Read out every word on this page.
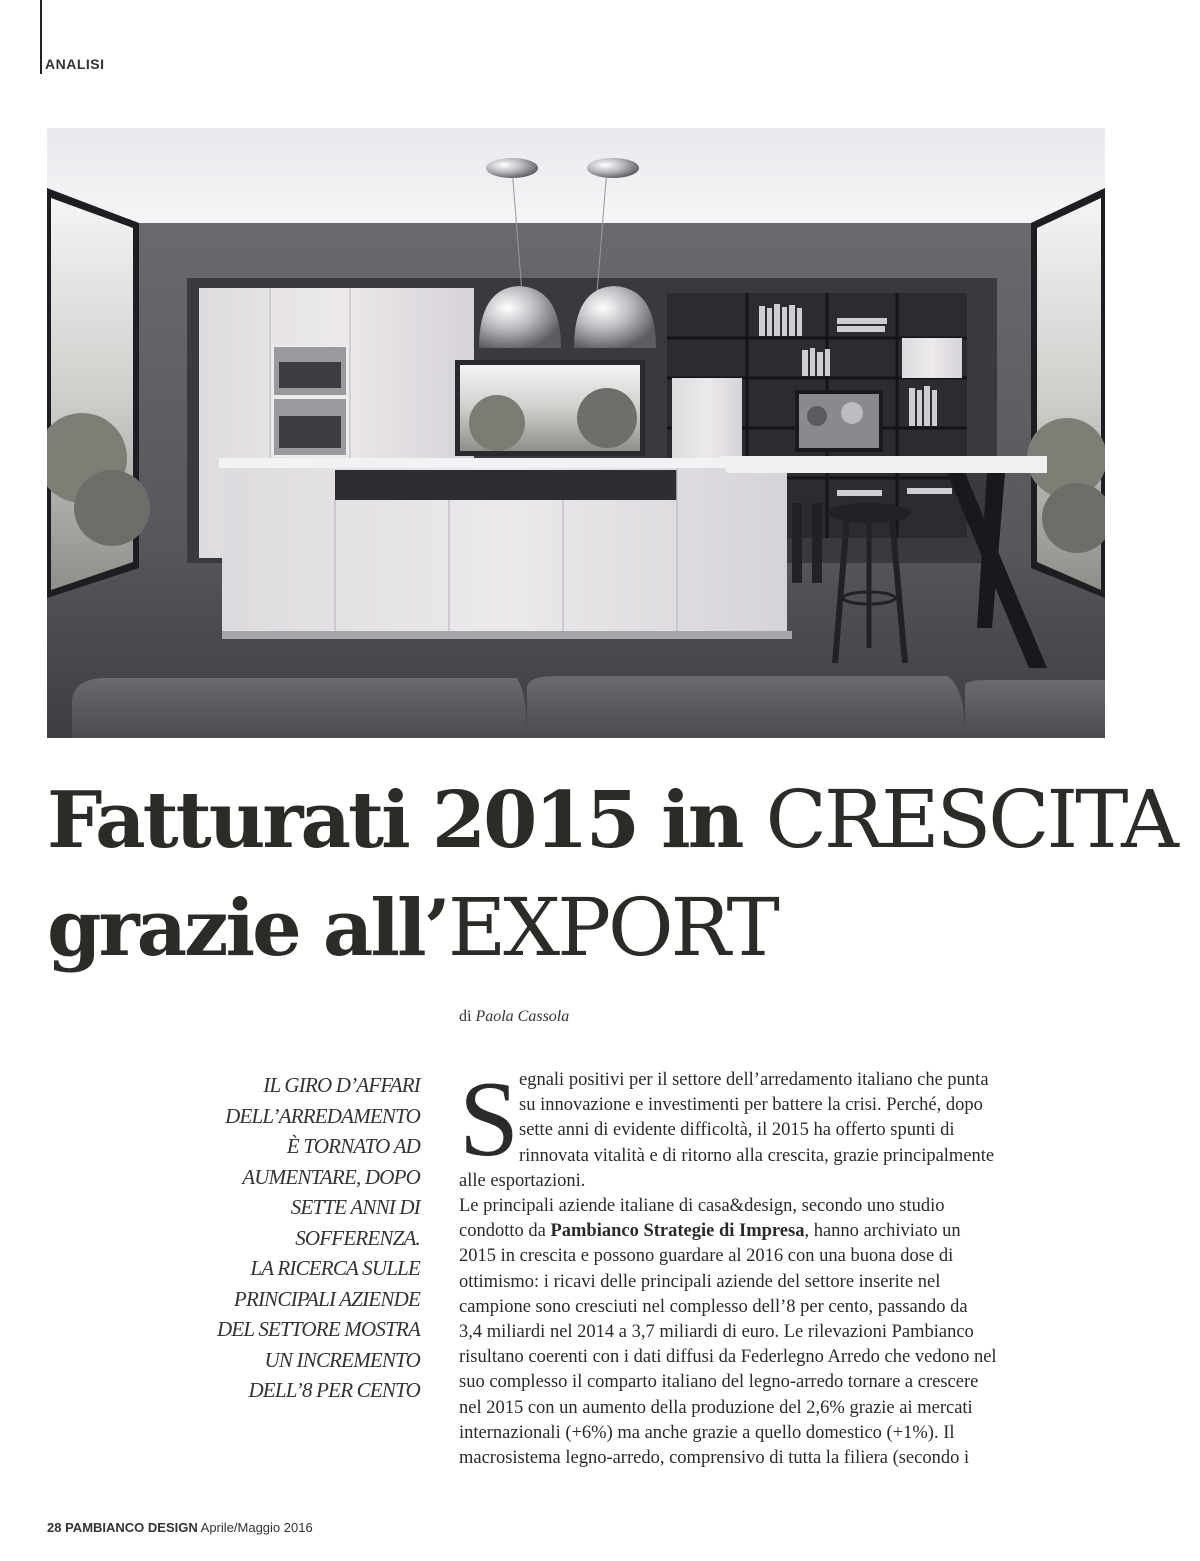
ANALISI
Fatturati 2015 in CRESCITA
grazie all’EXPORT
di Paola Cassola
IL GIRO D’AFFARI
DELL’ARREDAMENTO
È TORNATO AD
AUMENTARE, DOPO
SETTE ANNI DI
SOFFERENZA.
LA RICERCA SULLE
PRINCIPALI AZIENDE
DEL SETTORE MOSTRA
UN INCREMENTO
DELL’8 PER CENTO
S egnali positivi per il settore dell’arredamento italiano che punta
su innovazione e investimenti per battere la crisi. Perché, dopo
sette anni di evidente difficoltà, il 2015 ha offerto spunti di
rinnovata vitalità e di ritorno alla crescita, grazie principalmente
alle esportazioni.
Le principali aziende italiane di casa&design, secondo uno studio
condotto da Pambianco Strategie di Impresa, hanno archiviato un
2015 in crescita e possono guardare al 2016 con una buona dose di
ottimismo: i ricavi delle principali aziende del settore inserite nel
campione sono cresciuti nel complesso dell’8 per cento, passando da
3,4 miliardi nel 2014 a 3,7 miliardi di euro. Le rilevazioni Pambianco
risultano coerenti con i dati diffusi da Federlegno Arredo che vedono nel
suo complesso il comparto italiano del legno-arredo tornare a crescere
nel 2015 con un aumento della produzione del 2,6% grazie ai mercati
internazionali (+6%) ma anche grazie a quello domestico (+1%). Il
macrosistema legno-arredo, comprensivo di tutta la filiera (secondo i
28 PAMBIANCO DESIGN Aprile/Maggio 2016
